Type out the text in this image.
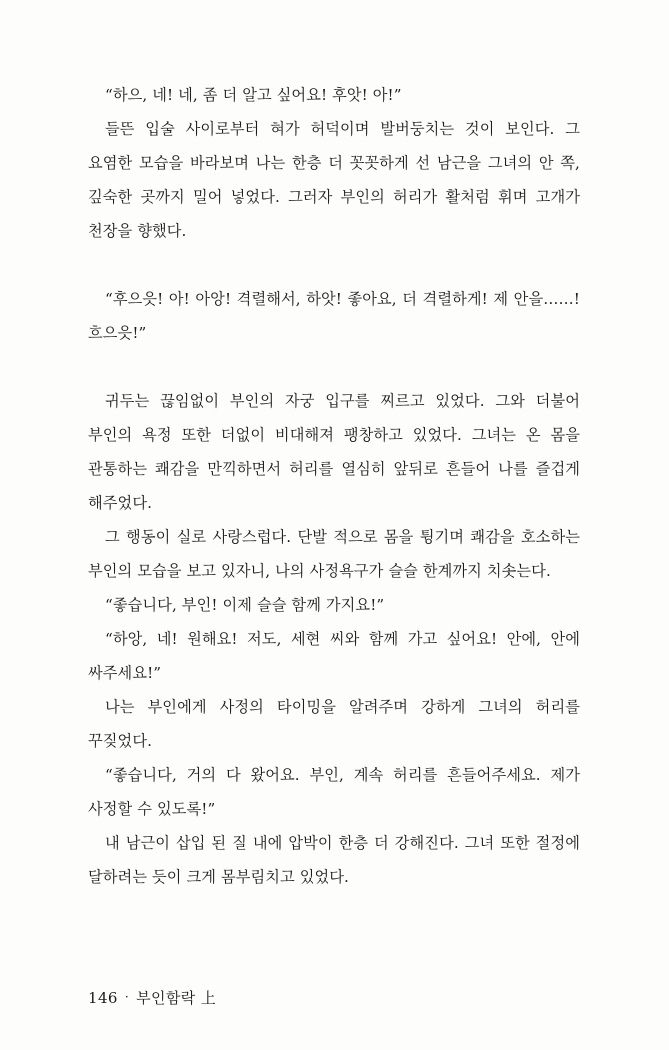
“하으, 네! 네, 좀 더 알고 싶어요! 후앗! 아!”

들뜬 입술 사이로부터 혀가 허덕이며 발버둥치는 것이 보인다. 그 요염한 모습을 바라보며 나는 한층 더 꼿꼿하게 선 남근을 그녀의 안 쪽, 깊숙한 곳까지 밀어 넣었다. 그러자 부인의 허리가 활처럼 휘며 고개가 천장을 향했다.

“후으읏! 아! 아앙! 격렬해서, 하앗! 좋아요, 더 격렬하게! 제 안을……! 흐으읏!”

귀두는 끊임없이 부인의 자궁 입구를 찌르고 있었다. 그와 더불어 부인의 욕정 또한 더없이 비대해져 팽창하고 있었다. 그녀는 온 몸을 관통하는 쾌감을 만끽하면서 허리를 열심히 앞뒤로 흔들어 나를 즐겁게 해주었다.

그 행동이 실로 사랑스럽다. 단발 적으로 몸을 튕기며 쾌감을 호소하는 부인의 모습을 보고 있자니, 나의 사정욕구가 슬슬 한계까지 치솟는다.

“좋습니다, 부인! 이제 슬슬 함께 가지요!”

“하앙, 네! 원해요! 저도, 세현 씨와 함께 가고 싶어요! 안에, 안에 싸주세요!”

나는 부인에게 사정의 타이밍을 알려주며 강하게 그녀의 허리를 꾸짖었다.

“좋습니다, 거의 다 왔어요. 부인, 계속 허리를 흔들어주세요. 제가 사정할 수 있도록!”

내 남근이 삽입 된 질 내에 압박이 한층 더 강해진다. 그녀 또한 절정에 달하려는 듯이 크게 몸부림치고 있었다.

146 · 부인함락 上
